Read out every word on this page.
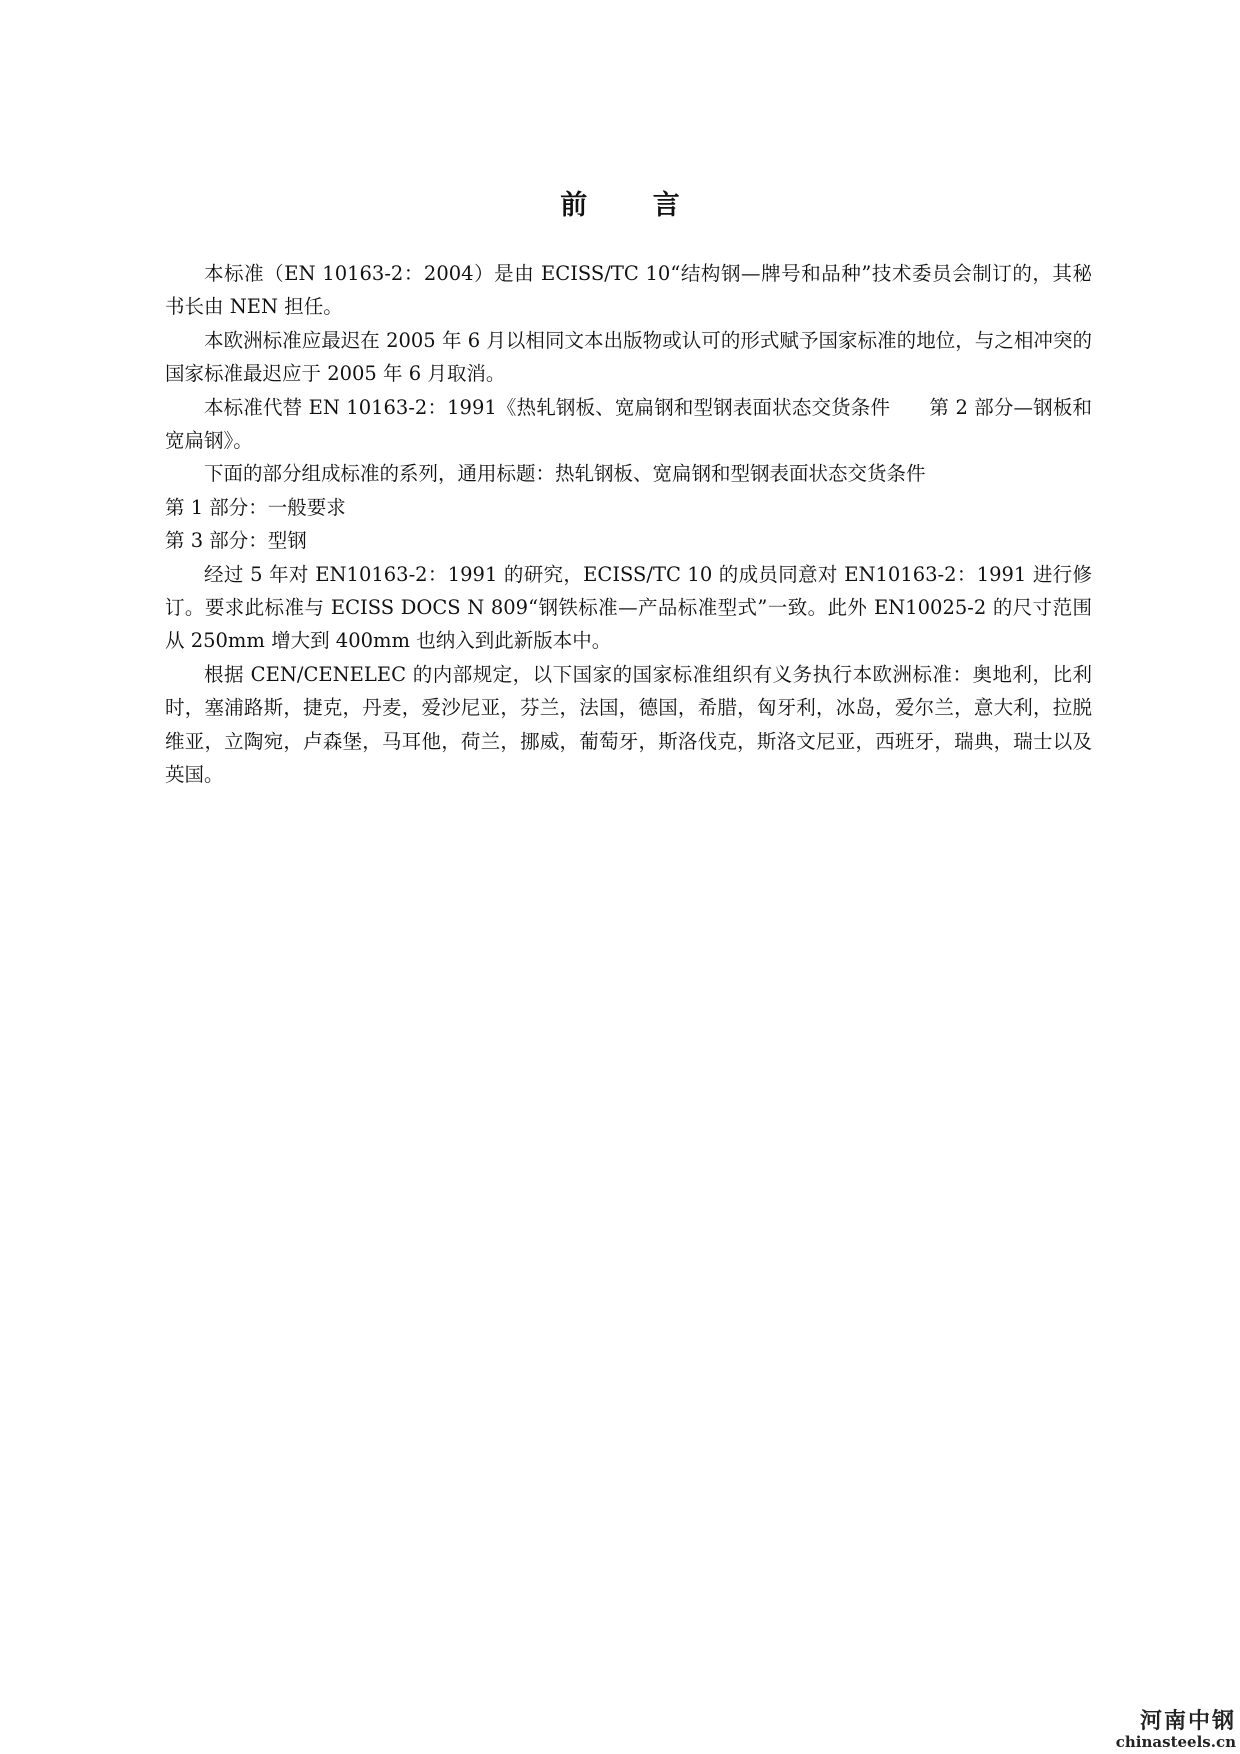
前 言

本标准（EN 10163-2：2004）是由 ECISS/TC 10“结构钢—牌号和品种”技术委员会制订的，其秘书长由 NEN 担任。

本欧洲标准应最迟在 2005 年 6 月以相同文本出版物或认可的形式赋予国家标准的地位，与之相冲突的国家标准最迟应于 2005 年 6 月取消。

本标准代替 EN 10163-2：1991《热轧钢板、宽扁钢和型钢表面状态交货条件　　第 2 部分—钢板和宽扁钢》。

下面的部分组成标准的系列，通用标题：热轧钢板、宽扁钢和型钢表面状态交货条件

第 1 部分：一般要求

第 3 部分：型钢

经过 5 年对 EN10163-2：1991 的研究，ECISS/TC 10 的成员同意对 EN10163-2：1991 进行修订。要求此标准与 ECISS DOCS N 809“钢铁标准—产品标准型式”一致。此外 EN10025-2 的尺寸范围从 250mm 增大到 400mm 也纳入到此新版本中。

根据 CEN/CENELEC 的内部规定，以下国家的国家标准组织有义务执行本欧洲标准：奥地利，比利时，塞浦路斯，捷克，丹麦，爱沙尼亚，芬兰，法国，德国，希腊，匈牙利，冰岛，爱尔兰，意大利，拉脱维亚，立陶宛，卢森堡，马耳他，荷兰，挪威，葡萄牙，斯洛伐克，斯洛文尼亚，西班牙，瑞典，瑞士以及英国。

河南中钢
chinasteels.cn
